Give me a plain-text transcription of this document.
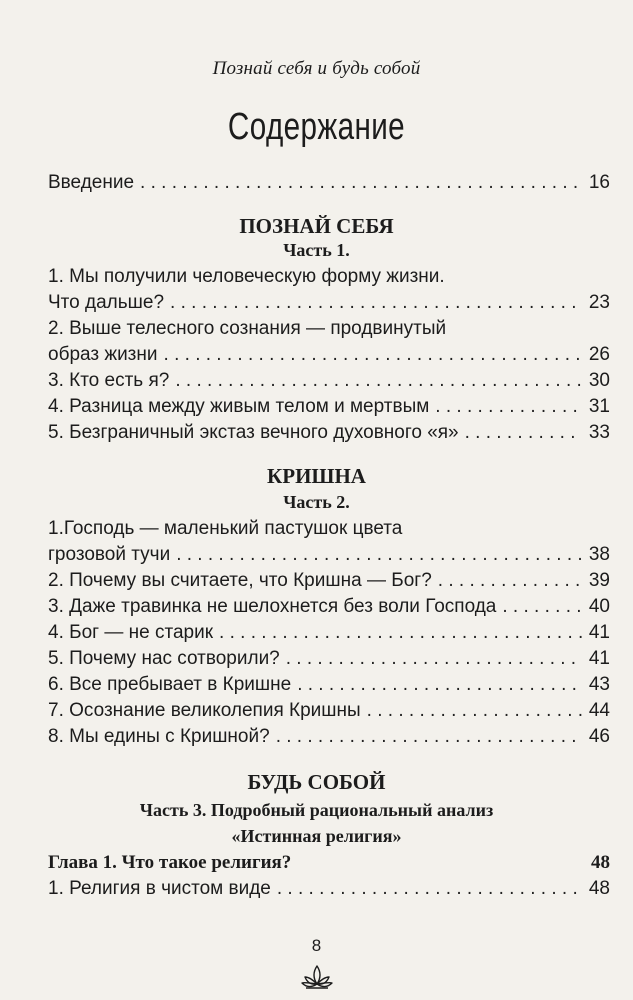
Познай себя и будь собой
Содержание
Введение . . .	16
ПОЗНАЙ СЕБЯ
Часть 1.
1. Мы получили человеческую форму жизни.
Что дальше? . . .	23
2. Выше телесного сознания — продвинутый
образ жизни . . .	26
3. Кто есть я? . . .	30
4. Разница между живым телом и мертвым . . .	31
5. Безграничный экстаз вечного духовного «я» . . .	33
КРИШНА
Часть 2.
1.Господь — маленький пастушок цвета
грозовой тучи . . .	38
2. Почему вы считаете, что Кришна — Бог? . . .	39
3. Даже травинка не шелохнется без воли Господа . . .	40
4. Бог — не старик . . .	41
5. Почему нас сотворили? . . .	41
6. Все пребывает в Кришне . . .	43
7. Осознание великолепия Кришны . . .	44
8. Мы едины с Кришной? . . .	46
БУДЬ СОБОЙ
Часть 3. Подробный рациональный анализ
«Истинная религия»
Глава 1. Что такое религия?	48
1. Религия в чистом виде . . .	48
8
